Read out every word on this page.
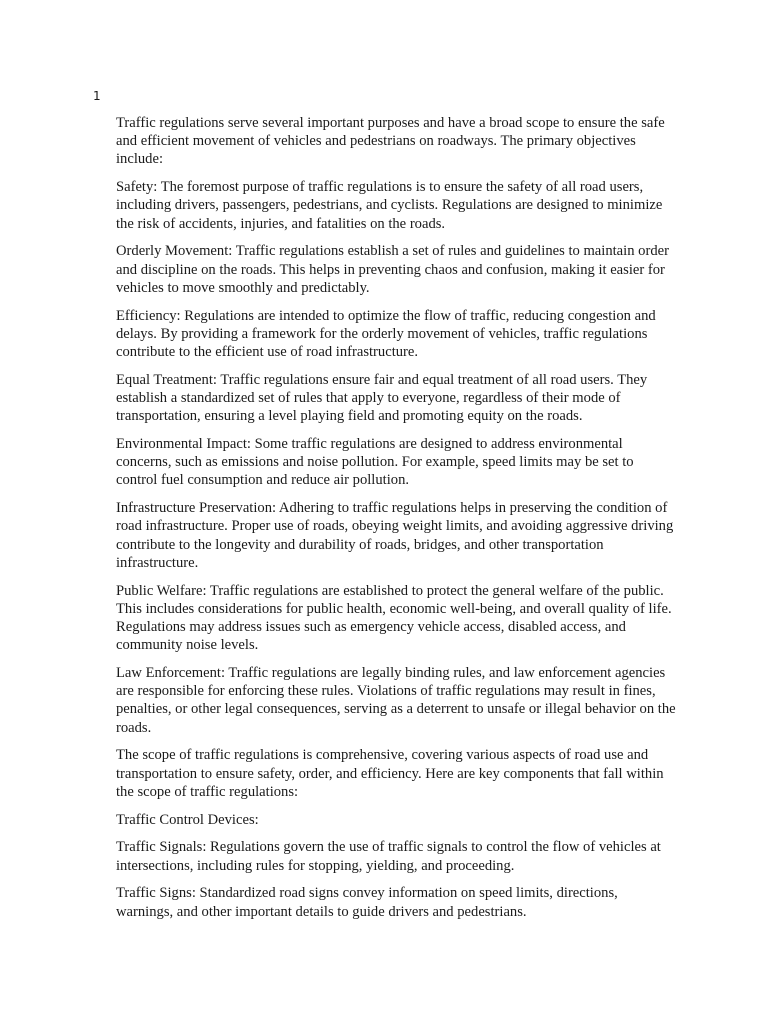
1

Traffic regulations serve several important purposes and have a broad scope to ensure the safe and efficient movement of vehicles and pedestrians on roadways. The primary objectives include:

Safety: The foremost purpose of traffic regulations is to ensure the safety of all road users, including drivers, passengers, pedestrians, and cyclists. Regulations are designed to minimize the risk of accidents, injuries, and fatalities on the roads.

Orderly Movement: Traffic regulations establish a set of rules and guidelines to maintain order and discipline on the roads. This helps in preventing chaos and confusion, making it easier for vehicles to move smoothly and predictably.

Efficiency: Regulations are intended to optimize the flow of traffic, reducing congestion and delays. By providing a framework for the orderly movement of vehicles, traffic regulations contribute to the efficient use of road infrastructure.

Equal Treatment: Traffic regulations ensure fair and equal treatment of all road users. They establish a standardized set of rules that apply to everyone, regardless of their mode of transportation, ensuring a level playing field and promoting equity on the roads.

Environmental Impact: Some traffic regulations are designed to address environmental concerns, such as emissions and noise pollution. For example, speed limits may be set to control fuel consumption and reduce air pollution.

Infrastructure Preservation: Adhering to traffic regulations helps in preserving the condition of road infrastructure. Proper use of roads, obeying weight limits, and avoiding aggressive driving contribute to the longevity and durability of roads, bridges, and other transportation infrastructure.

Public Welfare: Traffic regulations are established to protect the general welfare of the public. This includes considerations for public health, economic well-being, and overall quality of life. Regulations may address issues such as emergency vehicle access, disabled access, and community noise levels.

Law Enforcement: Traffic regulations are legally binding rules, and law enforcement agencies are responsible for enforcing these rules. Violations of traffic regulations may result in fines, penalties, or other legal consequences, serving as a deterrent to unsafe or illegal behavior on the roads.

The scope of traffic regulations is comprehensive, covering various aspects of road use and transportation to ensure safety, order, and efficiency. Here are key components that fall within the scope of traffic regulations:

Traffic Control Devices:

Traffic Signals: Regulations govern the use of traffic signals to control the flow of vehicles at intersections, including rules for stopping, yielding, and proceeding.

Traffic Signs: Standardized road signs convey information on speed limits, directions, warnings, and other important details to guide drivers and pedestrians.
